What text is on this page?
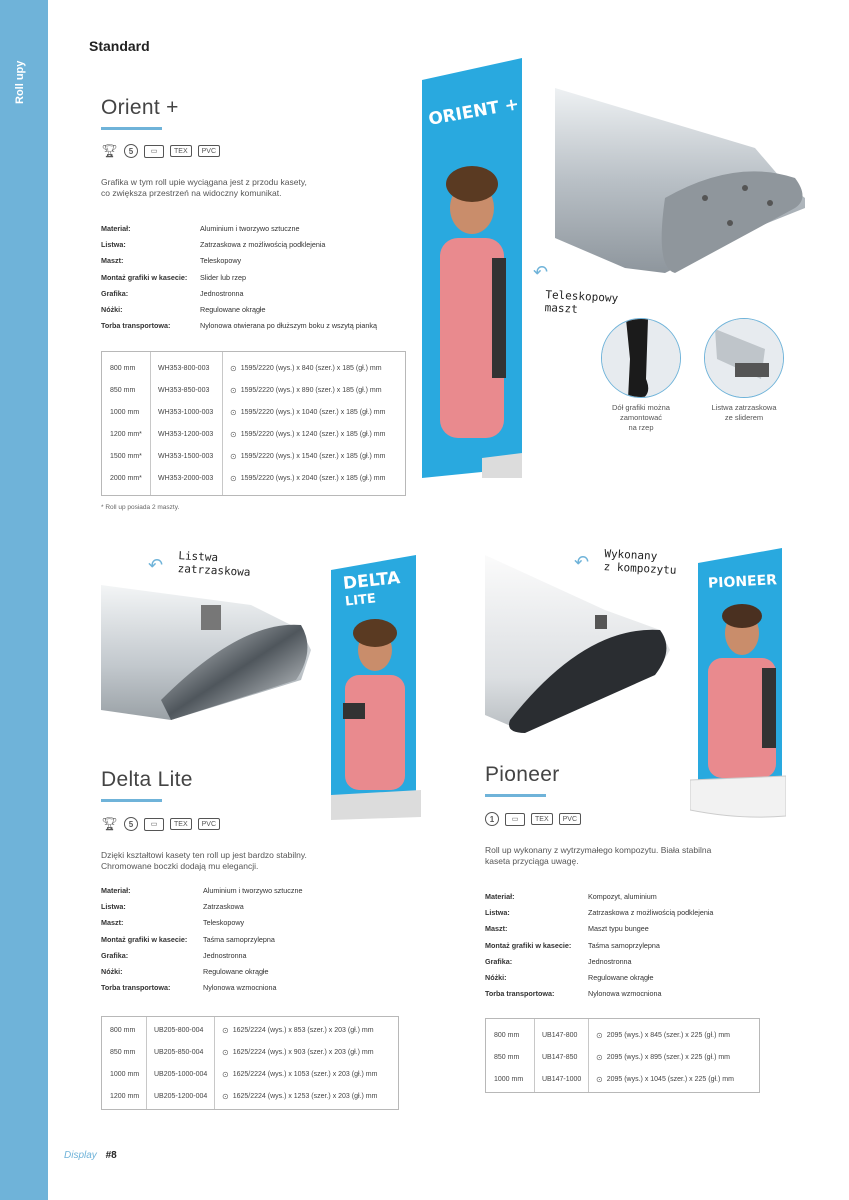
Roll upy
Standard
Orient +
🏆︎	5	▭	TEX	PVC
Grafika w tym roll upie wyciągana jest z przodu kasety,
co zwiększa przestrzeń na widoczny komunikat.
Materiał:	Aluminium i tworzywo sztuczne
Listwa:	Zatrzaskowa z możliwością podklejenia
Maszt:	Teleskopowy
Montaż grafiki w kasecie:	Slider lub rzep
Grafika:	Jednostronna
Nóżki:	Regulowane okrągłe
Torba transportowa:	Nylonowa otwierana po dłuższym boku z wszytą pianką
800 mm	WH353-800-003	⊙ 1595/2220 (wys.) x 840 (szer.) x 185 (gł.) mm
850 mm	WH353-850-003	⊙ 1595/2220 (wys.) x 890 (szer.) x 185 (gł.) mm
1000 mm	WH353-1000-003 ⊙ 1595/2220 (wys.) x 1040 (szer.) x 185 (gł.) mm
1200 mm* WH353-1200-003 ⊙ 1595/2220 (wys.) x 1240 (szer.) x 185 (gł.) mm
1500 mm* WH353-1500-003 ⊙ 1595/2220 (wys.) x 1540 (szer.) x 185 (gł.) mm
2000 mm* WH353-2000-003 ⊙ 1595/2220 (wys.) x 2040 (szer.) x 185 (gł.) mm
* Roll up posiada 2 maszty.
ORIENT +
↶
Teleskopowy
maszt
Dół grafiki można
zamontować
na rzep
Listwa zatrzaskowa
ze sliderem
↶ Listwa
zatrzaskowa	DELTA
LITE
Delta Lite
🏆︎	5	▭	TEX	PVC
Dzięki kształtowi kasety ten roll up jest bardzo stabilny.
Chromowane boczki dodają mu elegancji.
Materiał:	Aluminium i tworzywo sztuczne
Listwa:	Zatrzaskowa
Maszt:	Teleskopowy
Montaż grafiki w kasecie:	Taśma samoprzylepna
Grafika:	Jednostronna
Nóżki:	Regulowane okrągłe
Torba transportowa:	Nylonowa wzmocniona
800 mm	UB205-800-004 ⊙ 1625/2224 (wys.) x 853 (szer.) x 203 (gł.) mm
850 mm	UB205-850-004 ⊙ 1625/2224 (wys.) x 903 (szer.) x 203 (gł.) mm
1000 mm UB205-1000-004 ⊙ 1625/2224 (wys.) x 1053 (szer.) x 203 (gł.) mm
1200 mm UB205-1200-004 ⊙ 1625/2224 (wys.) x 1253 (szer.) x 203 (gł.) mm
↶ Wykonany
z kompozytu
PIONEER
Pioneer
1	▭	TEX	PVC
Roll up wykonany z wytrzymałego kompozytu. Biała stabilna
kaseta przyciąga uwagę.
Materiał:	Kompozyt, aluminium
Listwa:	Zatrzaskowa z możliwością podklejenia
Maszt:	Maszt typu bungee
Montaż grafiki w kasecie:	Taśma samoprzylepna
Grafika:	Jednostronna
Nóżki:	Regulowane okrągłe
Torba transportowa:	Nylonowa wzmocniona
800 mm	UB147-800 ⊙ 2095 (wys.) x 845 (szer.) x 225 (gł.) mm
850 mm	UB147-850 ⊙ 2095 (wys.) x 895 (szer.) x 225 (gł.) mm
1000 mm	UB147-1000 ⊙ 2095 (wys.) x 1045 (szer.) x 225 (gł.) mm
Display #8
